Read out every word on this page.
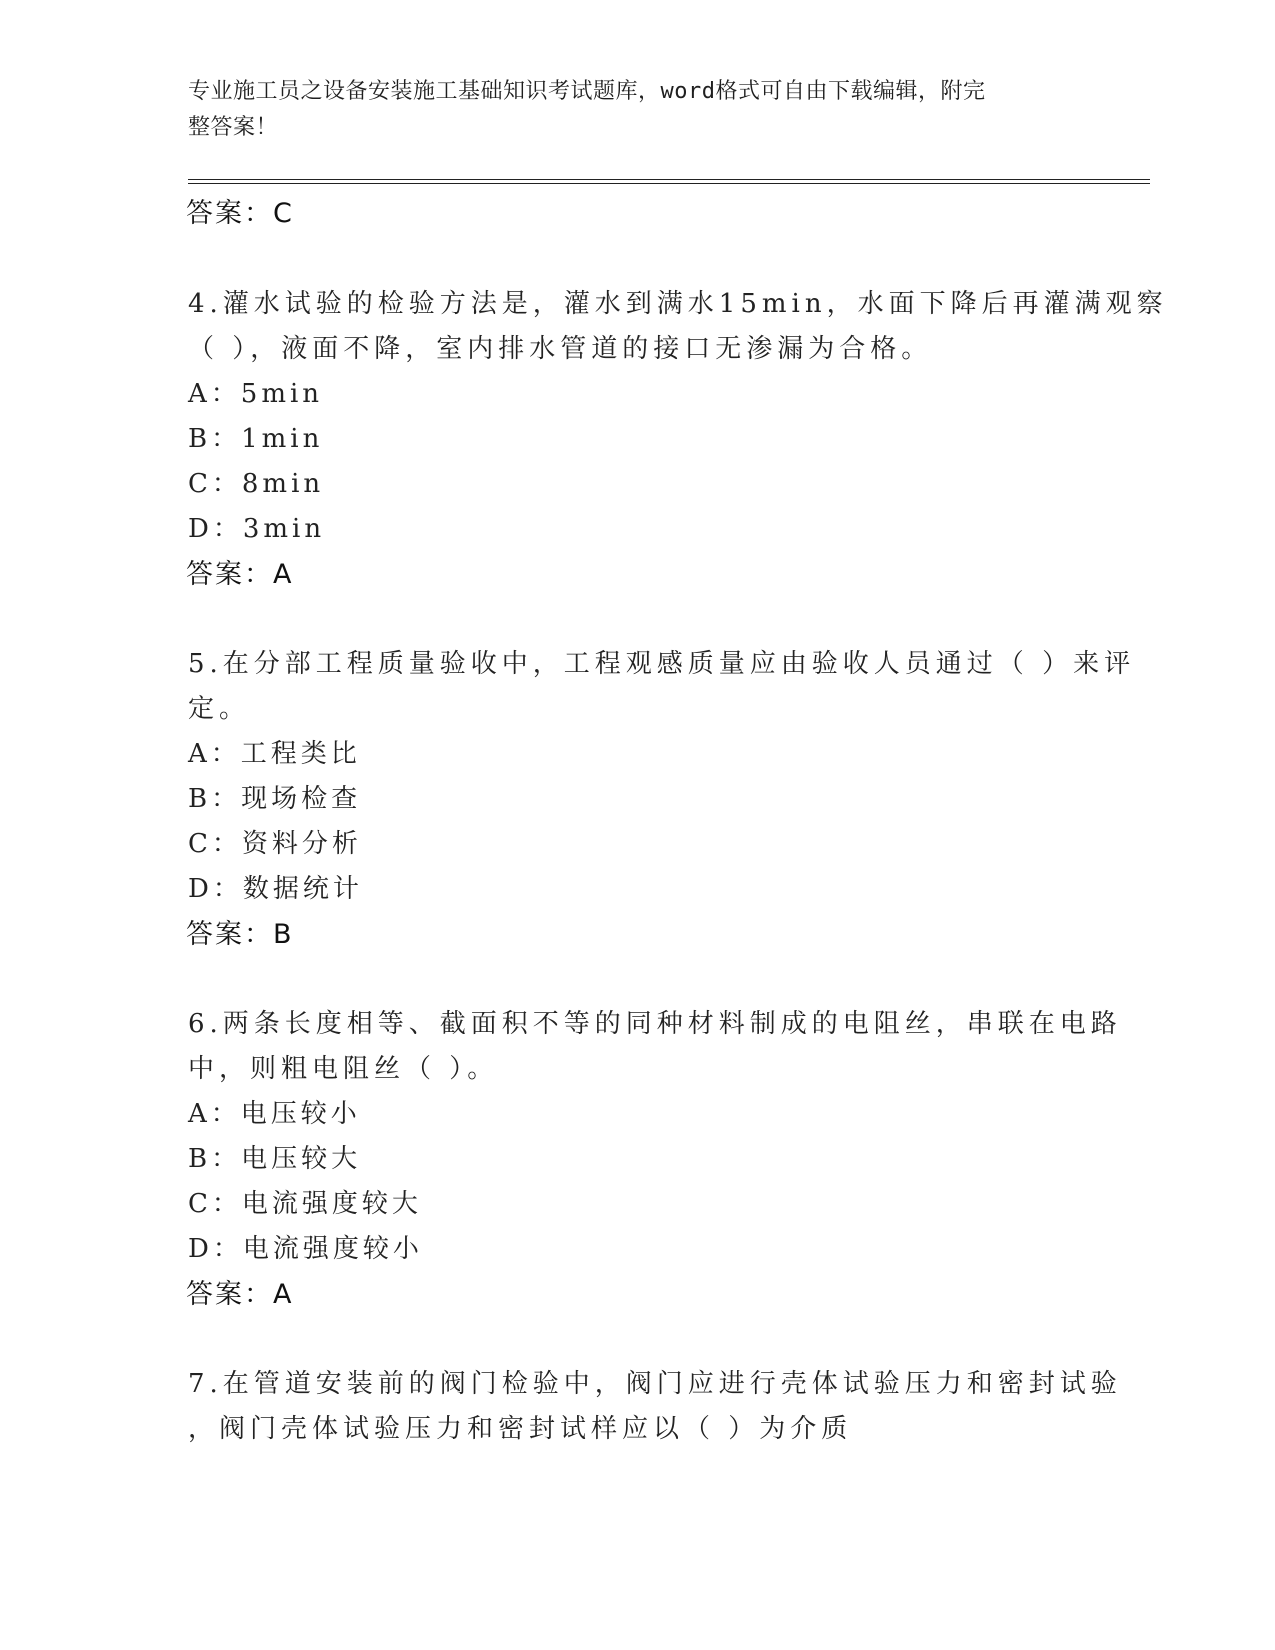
专业施工员之设备安装施工基础知识考试题库，word格式可自由下载编辑，附完
整答案！
答案：C
4.灌水试验的检验方法是，灌水到满水15min，水面下降后再灌满观察
（ ），液面不降，室内排水管道的接口无渗漏为合格。
A：5min
B：1min
C：8min
D：3min
答案：A
5.在分部工程质量验收中，工程观感质量应由验收人员通过（ ）来评
定。
A：工程类比
B：现场检查
C：资料分析
D：数据统计
答案：B
6.两条长度相等、截面积不等的同种材料制成的电阻丝，串联在电路
中，则粗电阻丝（ ）。
A：电压较小
B：电压较大
C：电流强度较大
D：电流强度较小
答案：A
7.在管道安装前的阀门检验中，阀门应进行壳体试验压力和密封试验
，阀门壳体试验压力和密封试样应以（ ）为介质
